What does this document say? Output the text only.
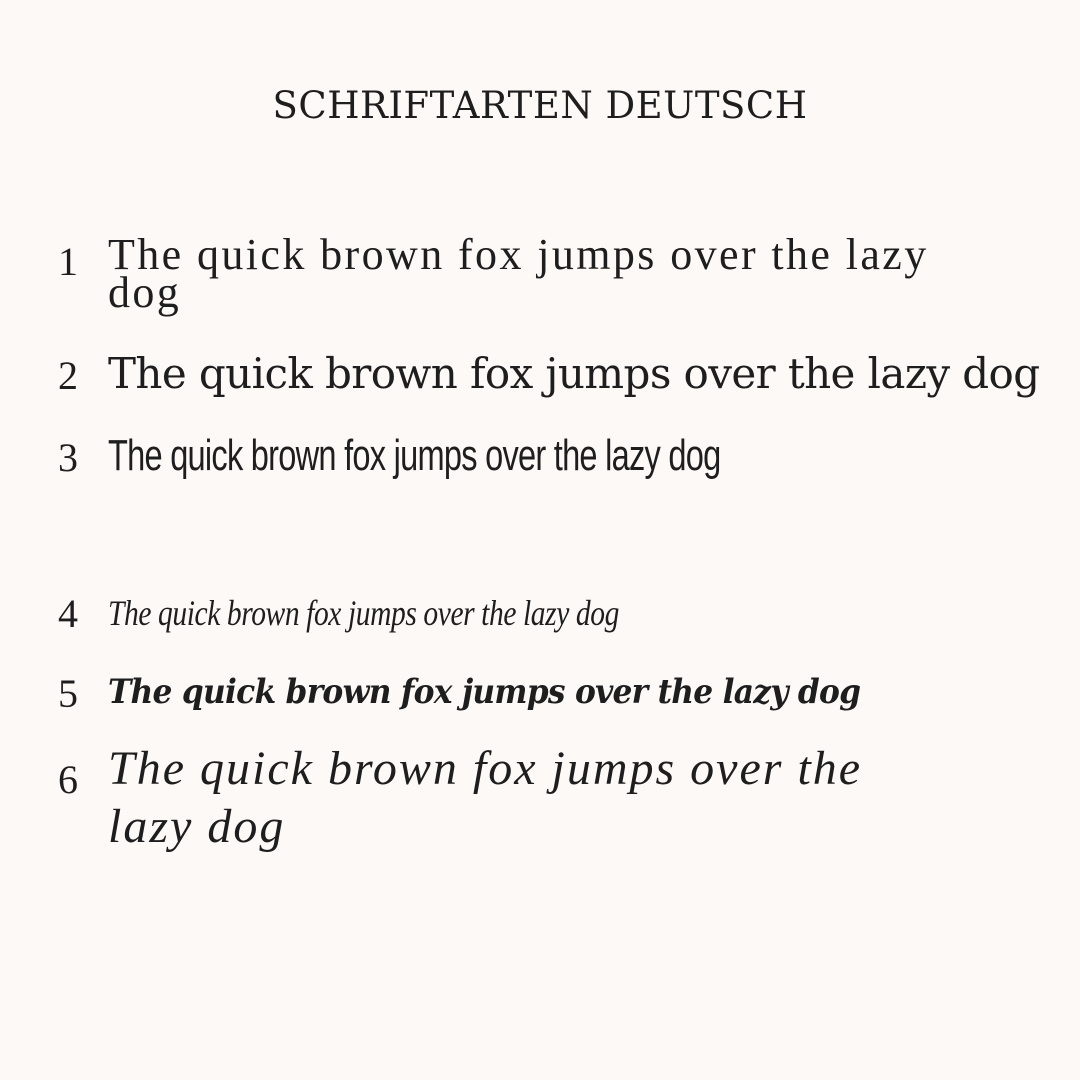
SCHRIFTARTEN DEUTSCH
1 The quick brown fox jumps over the lazy dog

2 The quick brown fox jumps over the lazy dog

3 The quick brown fox jumps over the lazy dog

4 The quick brown fox jumps over the lazy dog

5 The quick brown fox jumps over the lazy dog

6 The quick brown fox jumps over the lazy dog
